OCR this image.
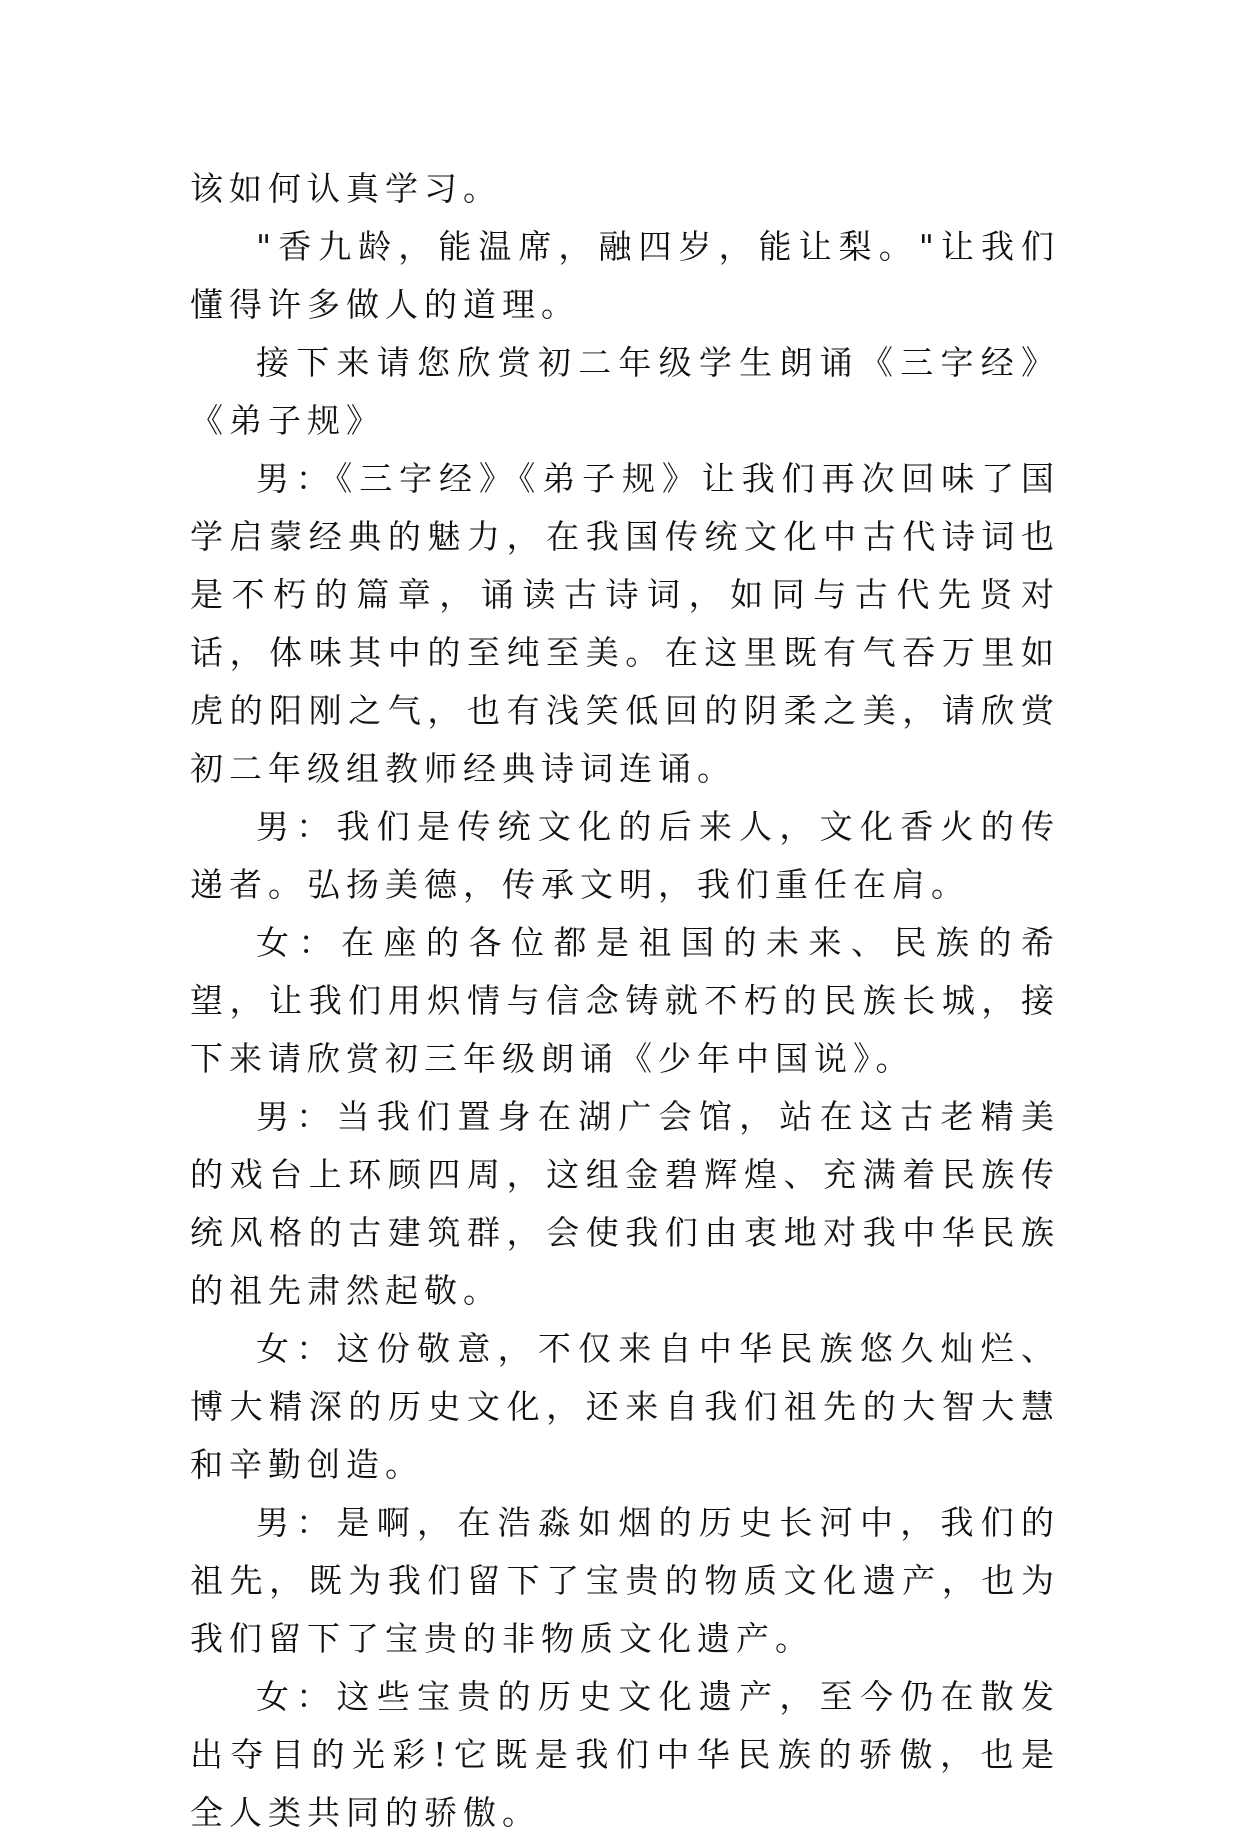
该如何认真学习。

"香九龄，能温席，融四岁，能让梨。"让我们懂得许多做人的道理。

接下来请您欣赏初二年级学生朗诵《三字经》《弟子规》

男：《三字经》《弟子规》让我们再次回味了国学启蒙经典的魅力，在我国传统文化中古代诗词也是不朽的篇章，诵读古诗词，如同与古代先贤对话，体味其中的至纯至美。在这里既有气吞万里如虎的阳刚之气，也有浅笑低回的阴柔之美，请欣赏初二年级组教师经典诗词连诵。

男：我们是传统文化的后来人，文化香火的传递者。弘扬美德，传承文明，我们重任在肩。

女：在座的各位都是祖国的未来、民族的希望，让我们用炽情与信念铸就不朽的民族长城，接下来请欣赏初三年级朗诵《少年中国说》。

男：当我们置身在湖广会馆，站在这古老精美的戏台上环顾四周，这组金碧辉煌、充满着民族传统风格的古建筑群，会使我们由衷地对我中华民族的祖先肃然起敬。

女：这份敬意，不仅来自中华民族悠久灿烂、博大精深的历史文化，还来自我们祖先的大智大慧和辛勤创造。

男：是啊，在浩淼如烟的历史长河中，我们的祖先，既为我们留下了宝贵的物质文化遗产，也为我们留下了宝贵的非物质文化遗产。

女：这些宝贵的历史文化遗产，至今仍在散发出夺目的光彩!它既是我们中华民族的骄傲，也是全人类共同的骄傲。
